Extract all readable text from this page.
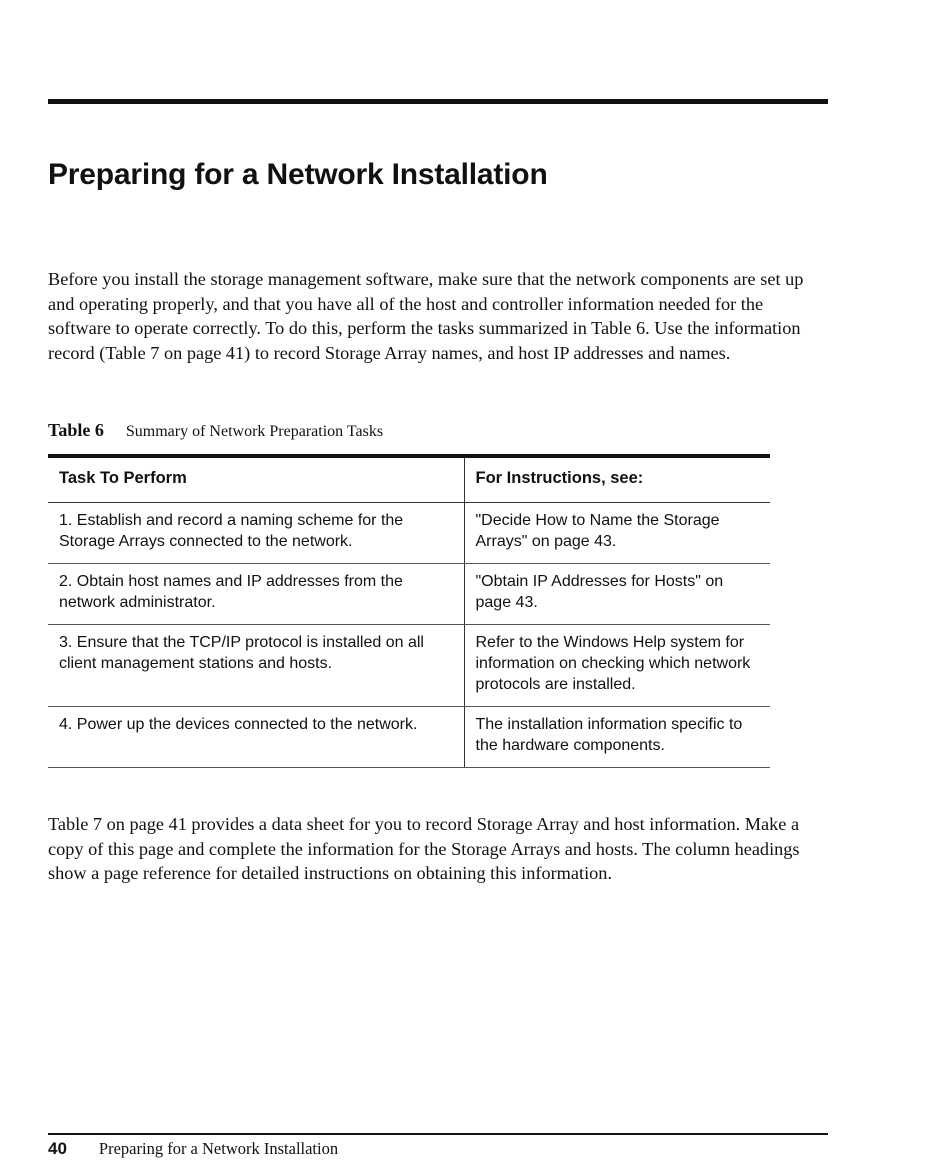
Preparing for a Network Installation

Before you install the storage management software, make sure that the network components are set up and operating properly, and that you have all of the host and controller information needed for the software to operate correctly. To do this, perform the tasks summarized in Table 6. Use the information record (Table 7 on page 41) to record Storage Array names, and host IP addresses and names.

Table 6 Summary of Network Preparation Tasks
Task To Perform	For Instructions, see:
1. Establish and record a naming scheme for the Storage Arrays connected to the network.	"Decide How to Name the Storage Arrays" on page 43.
2. Obtain host names and IP addresses from the network administrator.	"Obtain IP Addresses for Hosts" on page 43.
3. Ensure that the TCP/IP protocol is installed on all client management stations and hosts.	Refer to the Windows Help system for information on checking which network protocols are installed.
4. Power up the devices connected to the network.	The installation information specific to the hardware components.

Table 7 on page 41 provides a data sheet for you to record Storage Array and host information. Make a copy of this page and complete the information for the Storage Arrays and hosts. The column headings show a page reference for detailed instructions on obtaining this information.

40 Preparing for a Network Installation
